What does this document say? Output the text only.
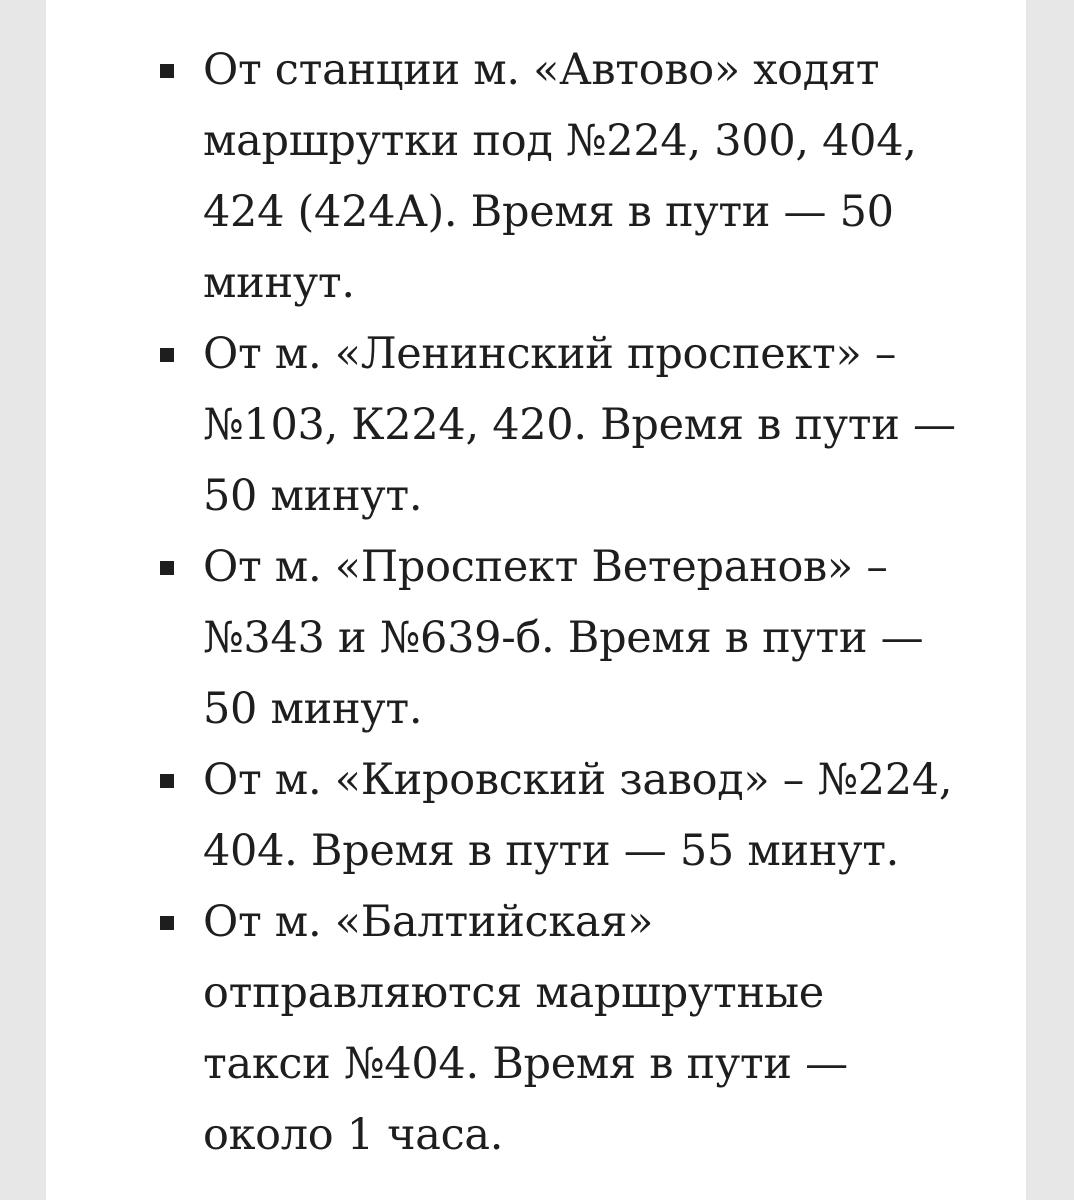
От станции м. «Автово» ходят
маршрутки под №224, 300, 404,
424 (424А). Время в пути — 50
минут.
От м. «Ленинский проспект» –
№103, К224, 420. Время в пути —
50 минут.
От м. «Проспект Ветеранов» –
№343 и №639-б. Время в пути —
50 минут.
От м. «Кировский завод» – №224,
404. Время в пути — 55 минут.
От м. «Балтийская»
отправляются маршрутные
такси №404. Время в пути —
около 1 часа.
